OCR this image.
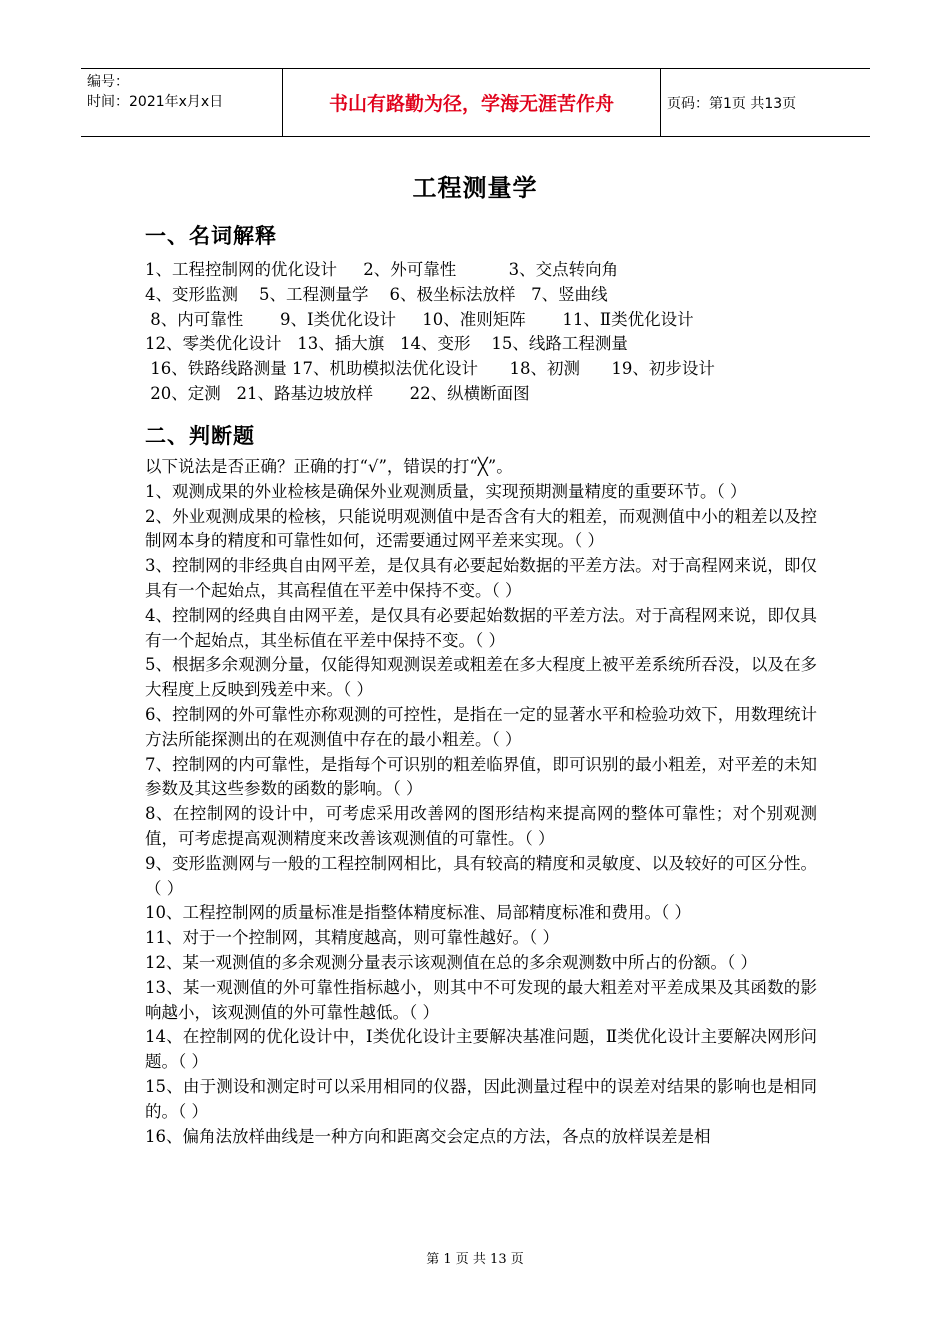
编号：
时间：2021年x月x日	书山有路勤为径，学海无涯苦作舟	页码：第1页 共13页
工程测量学
一、名词解释
1、工程控制网的优化设计     2、外可靠性          3、交点转向角
4、变形监测    5、工程测量学    6、极坐标法放样   7、竖曲线
8、内可靠性       9、Ⅰ类优化设计     10、准则矩阵       11、Ⅱ类优化设计
12、零类优化设计   13、插大旗   14、变形    15、线路工程测量
16、铁路线路测量 17、机助模拟法优化设计      18、初测      19、初步设计
20、定测   21、路基边坡放样       22、纵横断面图
二、判断题

以下说法是否正确？正确的打“√”，错误的打“╳”。

1、观测成果的外业检核是确保外业观测质量，实现预期测量精度的重要环节。（ ）

2、外业观测成果的检核，只能说明观测值中是否含有大的粗差，而观测值中小的粗差以及控制网本身的精度和可靠性如何，还需要通过网平差来实现。（ ）

3、控制网的非经典自由网平差，是仅具有必要起始数据的平差方法。对于高程网来说，即仅具有一个起始点，其高程值在平差中保持不变。（ ）

4、控制网的经典自由网平差，是仅具有必要起始数据的平差方法。对于高程网来说，即仅具有一个起始点，其坐标值在平差中保持不变。（ ）

5、根据多余观测分量，仅能得知观测误差或粗差在多大程度上被平差系统所吞没，以及在多大程度上反映到残差中来。（ ）

6、控制网的外可靠性亦称观测的可控性，是指在一定的显著水平和检验功效下，用数理统计方法所能探测出的在观测值中存在的最小粗差。（ ）

7、控制网的内可靠性，是指每个可识别的粗差临界值，即可识别的最小粗差，对平差的未知参数及其这些参数的函数的影响。（ ）

8、在控制网的设计中，可考虑采用改善网的图形结构来提高网的整体可靠性；对个别观测值，可考虑提高观测精度来改善该观测值的可靠性。（ ）

9、变形监测网与一般的工程控制网相比，具有较高的精度和灵敏度、以及较好的可区分性。（ ）

10、工程控制网的质量标准是指整体精度标准、局部精度标准和费用。（ ）

11、对于一个控制网，其精度越高，则可靠性越好。（ ）

12、某一观测值的多余观测分量表示该观测值在总的多余观测数中所占的份额。（ ）

13、某一观测值的外可靠性指标越小，则其中不可发现的最大粗差对平差成果及其函数的影响越小，该观测值的外可靠性越低。（ ）

14、在控制网的优化设计中，Ⅰ类优化设计主要解决基准问题，Ⅱ类优化设计主要解决网形问题。（ ）

15、由于测设和测定时可以采用相同的仪器，因此测量过程中的误差对结果的影响也是相同的。（ ）

16、偏角法放样曲线是一种方向和距离交会定点的方法，各点的放样误差是相

第 1 页 共 13 页
